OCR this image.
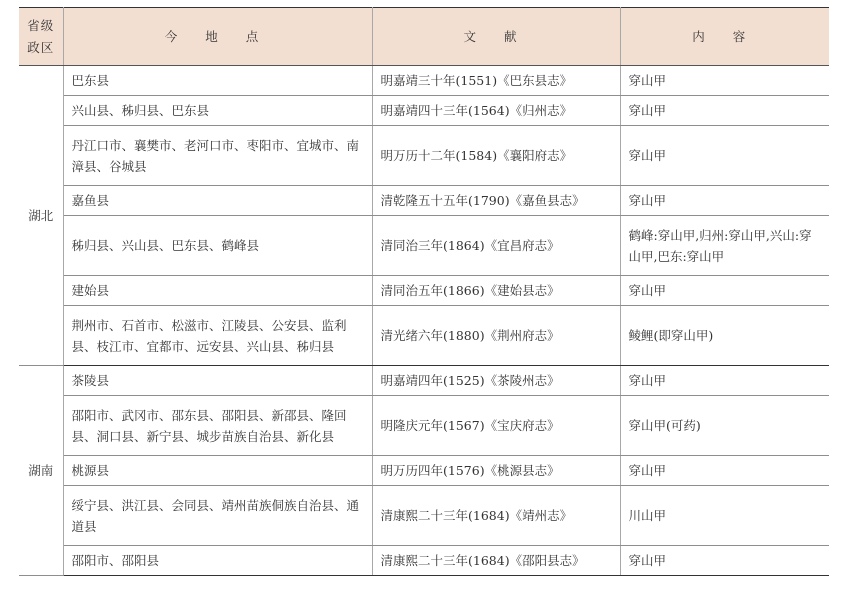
省级
政区	今 地 点	文 献	内 容
湖北	巴东县	明嘉靖三十年(1551)《巴东县志》	穿山甲
	兴山县、秭归县、巴东县	明嘉靖四十三年(1564)《归州志》	穿山甲
	丹江口市、襄樊市、老河口市、枣阳市、宜城市、南漳县、谷城县	明万历十二年(1584)《襄阳府志》	穿山甲
	嘉鱼县	清乾隆五十五年(1790)《嘉鱼县志》	穿山甲
	秭归县、兴山县、巴东县、鹤峰县	清同治三年(1864)《宜昌府志》	鹤峰:穿山甲,归州:穿山甲,兴山:穿山甲,巴东:穿山甲
	建始县	清同治五年(1866)《建始县志》	穿山甲
	荆州市、石首市、松滋市、江陵县、公安县、监利县、枝江市、宜都市、远安县、兴山县、秭归县	清光绪六年(1880)《荆州府志》	鲮鲤(即穿山甲)
湖南	茶陵县	明嘉靖四年(1525)《茶陵州志》	穿山甲
	邵阳市、武冈市、邵东县、邵阳县、新邵县、隆回县、洞口县、新宁县、城步苗族自治县、新化县	明隆庆元年(1567)《宝庆府志》	穿山甲(可药)
	桃源县	明万历四年(1576)《桃源县志》	穿山甲
	绥宁县、洪江县、会同县、靖州苗族侗族自治县、通道县	清康熙二十三年(1684)《靖州志》	川山甲
	邵阳市、邵阳县	清康熙二十三年(1684)《邵阳县志》	穿山甲
